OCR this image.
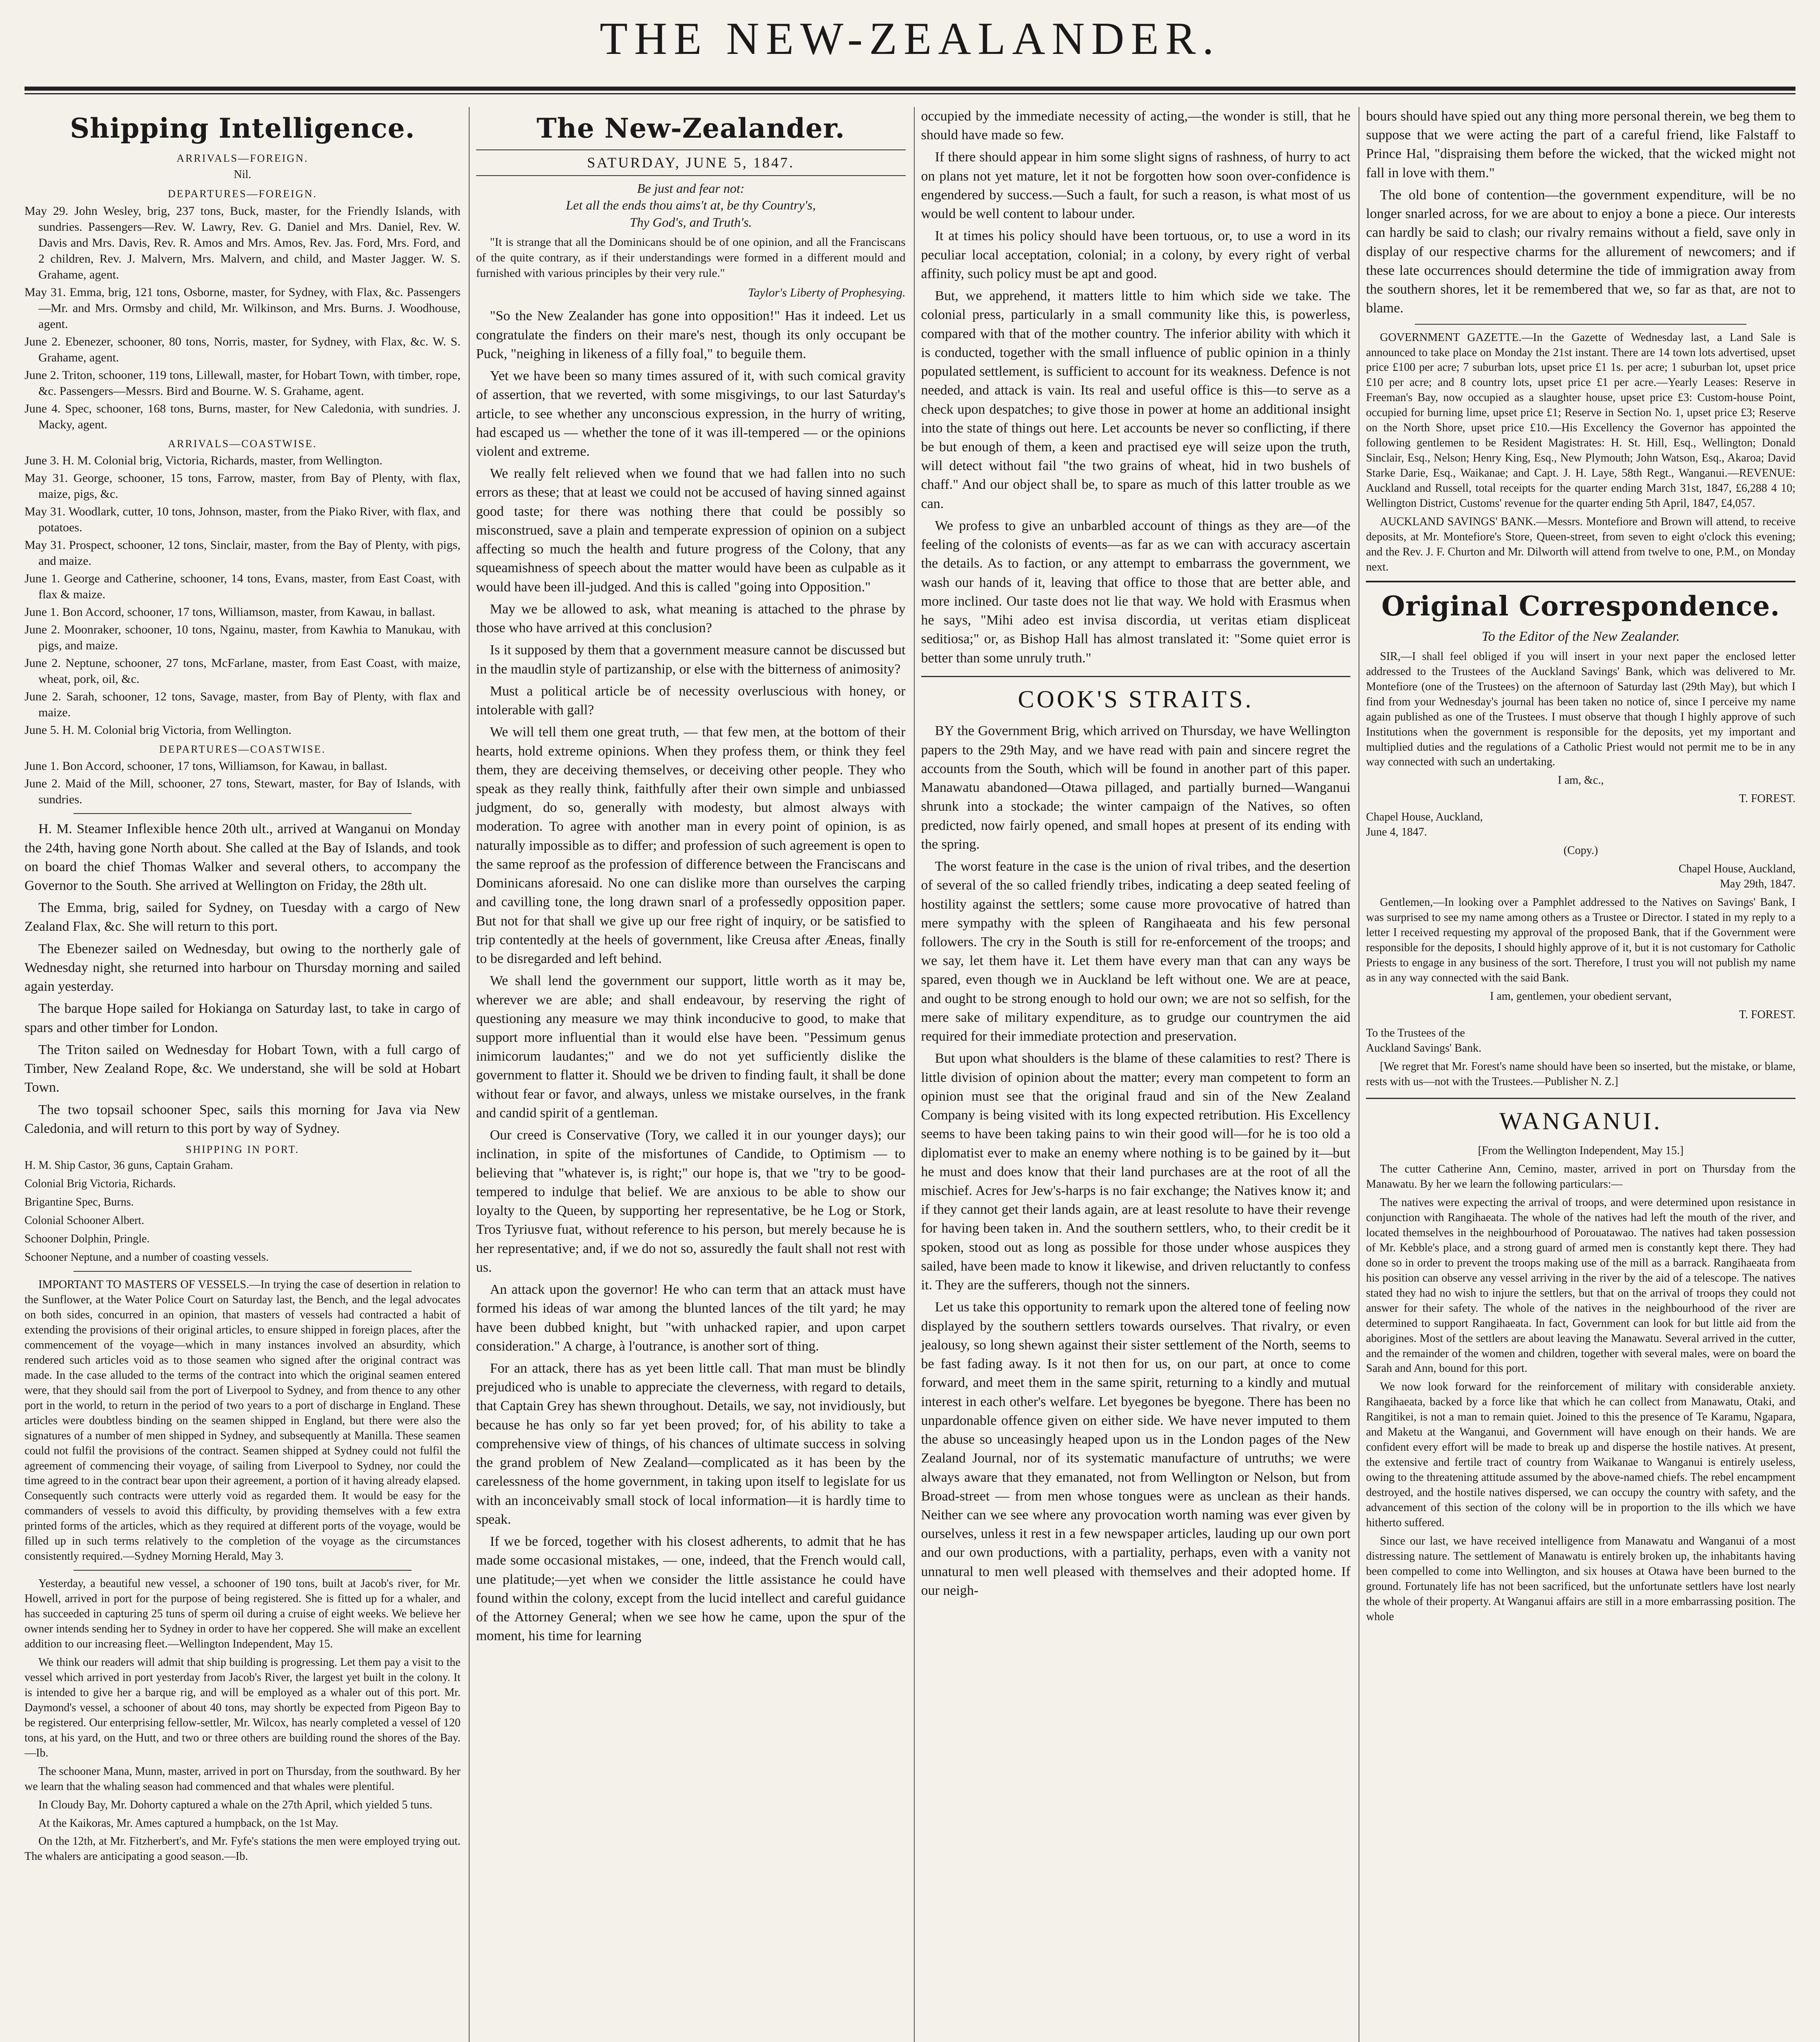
THE NEW-ZEALANDER.
Shipping Intelligence.
ARRIVALS—FOREIGN.
Nil.
DEPARTURES—FOREIGN.

May 29. John Wesley, brig, 237 tons, Buck, master, for the Friendly Islands, with sundries. Passengers—Rev. W. Lawry, Rev. G. Daniel and Mrs. Daniel, Rev. W. Davis and Mrs. Davis, Rev. R. Amos and Mrs. Amos, Rev. Jas. Ford, Mrs. Ford, and 2 children, Rev. J. Malvern, Mrs. Malvern, and child, and Master Jagger. W. S. Grahame, agent.

May 31. Emma, brig, 121 tons, Osborne, master, for Sydney, with Flax, &c. Passengers—Mr. and Mrs. Ormsby and child, Mr. Wilkinson, and Mrs. Burns. J. Woodhouse, agent.

June 2. Ebenezer, schooner, 80 tons, Norris, master, for Sydney, with Flax, &c. W. S. Grahame, agent.

June 2. Triton, schooner, 119 tons, Lillewall, master, for Hobart Town, with timber, rope, &c. Passengers—Messrs. Bird and Bourne. W. S. Grahame, agent.

June 4. Spec, schooner, 168 tons, Burns, master, for New Caledonia, with sundries. J. Macky, agent.

ARRIVALS—COASTWISE.

June 3. H. M. Colonial brig, Victoria, Richards, master, from Wellington.

May 31. George, schooner, 15 tons, Farrow, master, from Bay of Plenty, with flax, maize, pigs, &c.

May 31. Woodlark, cutter, 10 tons, Johnson, master, from the Piako River, with flax, and potatoes.

May 31. Prospect, schooner, 12 tons, Sinclair, master, from the Bay of Plenty, with pigs, and maize.

June 1. George and Catherine, schooner, 14 tons, Evans, master, from East Coast, with flax & maize.

June 1. Bon Accord, schooner, 17 tons, Williamson, master, from Kawau, in ballast.

June 2. Moonraker, schooner, 10 tons, Ngainu, master, from Kawhia to Manukau, with pigs, and maize.

June 2. Neptune, schooner, 27 tons, McFarlane, master, from East Coast, with maize, wheat, pork, oil, &c.

June 2. Sarah, schooner, 12 tons, Savage, master, from Bay of Plenty, with flax and maize.

June 5. H. M. Colonial brig Victoria, from Wellington.

DEPARTURES—COASTWISE.

June 1. Bon Accord, schooner, 17 tons, Williamson, for Kawau, in ballast.

June 2. Maid of the Mill, schooner, 27 tons, Stewart, master, for Bay of Islands, with sundries.

H. M. Steamer Inflexible hence 20th ult., arrived at Wanganui on Monday the 24th, having gone North about. She called at the Bay of Islands, and took on board the chief Thomas Walker and several others, to accompany the Governor to the South. She arrived at Wellington on Friday, the 28th ult.

The Emma, brig, sailed for Sydney, on Tuesday with a cargo of New Zealand Flax, &c. She will return to this port.

The Ebenezer sailed on Wednesday, but owing to the northerly gale of Wednesday night, she returned into harbour on Thursday morning and sailed again yesterday.

The barque Hope sailed for Hokianga on Saturday last, to take in cargo of spars and other timber for London.

The Triton sailed on Wednesday for Hobart Town, with a full cargo of Timber, New Zealand Rope, &c. We understand, she will be sold at Hobart Town.

The two topsail schooner Spec, sails this morning for Java via New Caledonia, and will return to this port by way of Sydney.

SHIPPING IN PORT.

H. M. Ship Castor, 36 guns, Captain Graham.

Colonial Brig Victoria, Richards.

Brigantine Spec, Burns.

Colonial Schooner Albert.

Schooner Dolphin, Pringle.

Schooner Neptune, and a number of coasting vessels.

IMPORTANT TO MASTERS OF VESSELS.—In trying the case of desertion in relation to the Sunflower, at the Water Police Court on Saturday last, the Bench, and the legal advocates on both sides, concurred in an opinion, that masters of vessels had contracted a habit of extending the provisions of their original articles, to ensure shipped in foreign places, after the commencement of the voyage—which in many instances involved an absurdity, which rendered such articles void as to those seamen who signed after the original contract was made. In the case alluded to the terms of the contract into which the original seamen entered were, that they should sail from the port of Liverpool to Sydney, and from thence to any other port in the world, to return in the period of two years to a port of discharge in England. These articles were doubtless binding on the seamen shipped in England, but there were also the signatures of a number of men shipped in Sydney, and subsequently at Manilla. These seamen could not fulfil the provisions of the contract. Seamen shipped at Sydney could not fulfil the agreement of commencing their voyage, of sailing from Liverpool to Sydney, nor could the time agreed to in the contract bear upon their agreement, a portion of it having already elapsed. Consequently such contracts were utterly void as regarded them. It would be easy for the commanders of vessels to avoid this difficulty, by providing themselves with a few extra printed forms of the articles, which as they required at different ports of the voyage, would be filled up in such terms relatively to the completion of the voyage as the circumstances consistently required.—Sydney Morning Herald, May 3.

Yesterday, a beautiful new vessel, a schooner of 190 tons, built at Jacob's river, for Mr. Howell, arrived in port for the purpose of being registered. She is fitted up for a whaler, and has succeeded in capturing 25 tuns of sperm oil during a cruise of eight weeks. We believe her owner intends sending her to Sydney in order to have her coppered. She will make an excellent addition to our increasing fleet.—Wellington Independent, May 15.

We think our readers will admit that ship building is progressing. Let them pay a visit to the vessel which arrived in port yesterday from Jacob's River, the largest yet built in the colony. It is intended to give her a barque rig, and will be employed as a whaler out of this port. Mr. Daymond's vessel, a schooner of about 40 tons, may shortly be expected from Pigeon Bay to be registered. Our enterprising fellow-settler, Mr. Wilcox, has nearly completed a vessel of 120 tons, at his yard, on the Hutt, and two or three others are building round the shores of the Bay.—Ib.

The schooner Mana, Munn, master, arrived in port on Thursday, from the southward. By her we learn that the whaling season had commenced and that whales were plentiful.

In Cloudy Bay, Mr. Dohorty captured a whale on the 27th April, which yielded 5 tuns.

At the Kaikoras, Mr. Ames captured a humpback, on the 1st May.

On the 12th, at Mr. Fitzherbert's, and Mr. Fyfe's stations the men were employed trying out. The whalers are anticipating a good season.—Ib.

The New-Zealander.
SATURDAY, JUNE 5, 1847.
Be just and fear not:
Let all the ends thou aims't at, be thy Country's,
Thy God's, and Truth's.

"It is strange that all the Dominicans should be of one opinion, and all the Franciscans of the quite contrary, as if their understandings were formed in a different mould and furnished with various principles by their very rule."

Taylor's Liberty of Prophesying.

"So the New Zealander has gone into opposition!" Has it indeed. Let us congratulate the finders on their mare's nest, though its only occupant be Puck, "neighing in likeness of a filly foal," to beguile them.

Yet we have been so many times assured of it, with such comical gravity of assertion, that we reverted, with some misgivings, to our last Saturday's article, to see whether any unconscious expression, in the hurry of writing, had escaped us — whether the tone of it was ill-tempered — or the opinions violent and extreme.

We really felt relieved when we found that we had fallen into no such errors as these; that at least we could not be accused of having sinned against good taste; for there was nothing there that could be possibly so misconstrued, save a plain and temperate expression of opinion on a subject affecting so much the health and future progress of the Colony, that any squeamishness of speech about the matter would have been as culpable as it would have been ill-judged. And this is called "going into Opposition."

May we be allowed to ask, what meaning is attached to the phrase by those who have arrived at this conclusion?

Is it supposed by them that a government measure cannot be discussed but in the maudlin style of partizanship, or else with the bitterness of animosity?

Must a political article be of necessity overluscious with honey, or intolerable with gall?

We will tell them one great truth, — that few men, at the bottom of their hearts, hold extreme opinions. When they profess them, or think they feel them, they are deceiving themselves, or deceiving other people. They who speak as they really think, faithfully after their own simple and unbiassed judgment, do so, generally with modesty, but almost always with moderation. To agree with another man in every point of opinion, is as naturally impossible as to differ; and profession of such agreement is open to the same reproof as the profession of difference between the Franciscans and Dominicans aforesaid. No one can dislike more than ourselves the carping and cavilling tone, the long drawn snarl of a professedly opposition paper. But not for that shall we give up our free right of inquiry, or be satisfied to trip contentedly at the heels of government, like Creusa after Æneas, finally to be disregarded and left behind.

We shall lend the government our support, little worth as it may be, wherever we are able; and shall endeavour, by reserving the right of questioning any measure we may think inconducive to good, to make that support more influential than it would else have been. "Pessimum genus inimicorum laudantes;" and we do not yet sufficiently dislike the government to flatter it. Should we be driven to finding fault, it shall be done without fear or favor, and always, unless we mistake ourselves, in the frank and candid spirit of a gentleman.

Our creed is Conservative (Tory, we called it in our younger days); our inclination, in spite of the misfortunes of Candide, to Optimism — to believing that "whatever is, is right;" our hope is, that we "try to be good-tempered to indulge that belief. We are anxious to be able to show our loyalty to the Queen, by supporting her representative, be he Log or Stork, Tros Tyriusve fuat, without reference to his person, but merely because he is her representative; and, if we do not so, assuredly the fault shall not rest with us.

An attack upon the governor! He who can term that an attack must have formed his ideas of war among the blunted lances of the tilt yard; he may have been dubbed knight, but "with unhacked rapier, and upon carpet consideration." A charge, à l'outrance, is another sort of thing.

For an attack, there has as yet been little call. That man must be blindly prejudiced who is unable to appreciate the cleverness, with regard to details, that Captain Grey has shewn throughout. Details, we say, not invidiously, but because he has only so far yet been proved; for, of his ability to take a comprehensive view of things, of his chances of ultimate success in solving the grand problem of New Zealand—complicated as it has been by the carelessness of the home government, in taking upon itself to legislate for us with an inconceivably small stock of local information—it is hardly time to speak.

If we be forced, together with his closest adherents, to admit that he has made some occasional mistakes, — one, indeed, that the French would call, une platitude;—yet when we consider the little assistance he could have found within the colony, except from the lucid intellect and careful guidance of the Attorney General; when we see how he came, upon the spur of the moment, his time for learning

occupied by the immediate necessity of acting,—the wonder is still, that he should have made so few.

If there should appear in him some slight signs of rashness, of hurry to act on plans not yet mature, let it not be forgotten how soon over-confidence is engendered by success.—Such a fault, for such a reason, is what most of us would be well content to labour under.

It at times his policy should have been tortuous, or, to use a word in its peculiar local acceptation, colonial; in a colony, by every right of verbal affinity, such policy must be apt and good.

But, we apprehend, it matters little to him which side we take. The colonial press, particularly in a small community like this, is powerless, compared with that of the mother country. The inferior ability with which it is conducted, together with the small influence of public opinion in a thinly populated settlement, is sufficient to account for its weakness. Defence is not needed, and attack is vain. Its real and useful office is this—to serve as a check upon despatches; to give those in power at home an additional insight into the state of things out here. Let accounts be never so conflicting, if there be but enough of them, a keen and practised eye will seize upon the truth, will detect without fail "the two grains of wheat, hid in two bushels of chaff." And our object shall be, to spare as much of this latter trouble as we can.

We profess to give an unbarbled account of things as they are—of the feeling of the colonists of events—as far as we can with accuracy ascertain the details. As to faction, or any attempt to embarrass the government, we wash our hands of it, leaving that office to those that are better able, and more inclined. Our taste does not lie that way. We hold with Erasmus when he says, "Mihi adeo est invisa discordia, ut veritas etiam displiceat seditiosa;" or, as Bishop Hall has almost translated it: "Some quiet error is better than some unruly truth."

COOK'S STRAITS.

BY the Government Brig, which arrived on Thursday, we have Wellington papers to the 29th May, and we have read with pain and sincere regret the accounts from the South, which will be found in another part of this paper. Manawatu abandoned—Otawa pillaged, and partially burned—Wanganui shrunk into a stockade; the winter campaign of the Natives, so often predicted, now fairly opened, and small hopes at present of its ending with the spring.

The worst feature in the case is the union of rival tribes, and the desertion of several of the so called friendly tribes, indicating a deep seated feeling of hostility against the settlers; some cause more provocative of hatred than mere sympathy with the spleen of Rangihaeata and his few personal followers. The cry in the South is still for re-enforcement of the troops; and we say, let them have it. Let them have every man that can any ways be spared, even though we in Auckland be left without one. We are at peace, and ought to be strong enough to hold our own; we are not so selfish, for the mere sake of military expenditure, as to grudge our countrymen the aid required for their immediate protection and preservation.

But upon what shoulders is the blame of these calamities to rest? There is little division of opinion about the matter; every man competent to form an opinion must see that the original fraud and sin of the New Zealand Company is being visited with its long expected retribution. His Excellency seems to have been taking pains to win their good will—for he is too old a diplomatist ever to make an enemy where nothing is to be gained by it—but he must and does know that their land purchases are at the root of all the mischief. Acres for Jew's-harps is no fair exchange; the Natives know it; and if they cannot get their lands again, are at least resolute to have their revenge for having been taken in. And the southern settlers, who, to their credit be it spoken, stood out as long as possible for those under whose auspices they sailed, have been made to know it likewise, and driven reluctantly to confess it. They are the sufferers, though not the sinners.

Let us take this opportunity to remark upon the altered tone of feeling now displayed by the southern settlers towards ourselves. That rivalry, or even jealousy, so long shewn against their sister settlement of the North, seems to be fast fading away. Is it not then for us, on our part, at once to come forward, and meet them in the same spirit, returning to a kindly and mutual interest in each other's welfare. Let byegones be byegone. There has been no unpardonable offence given on either side. We have never imputed to them the abuse so unceasingly heaped upon us in the London pages of the New Zealand Journal, nor of its systematic manufacture of untruths; we were always aware that they emanated, not from Wellington or Nelson, but from Broad-street — from men whose tongues were as unclean as their hands. Neither can we see where any provocation worth naming was ever given by ourselves, unless it rest in a few newspaper articles, lauding up our own port and our own productions, with a partiality, perhaps, even with a vanity not unnatural to men well pleased with themselves and their adopted home. If our neigh-

bours should have spied out any thing more personal therein, we beg them to suppose that we were acting the part of a careful friend, like Falstaff to Prince Hal, "dispraising them before the wicked, that the wicked might not fall in love with them."

The old bone of contention—the government expenditure, will be no longer snarled across, for we are about to enjoy a bone a piece. Our interests can hardly be said to clash; our rivalry remains without a field, save only in display of our respective charms for the allurement of newcomers; and if these late occurrences should determine the tide of immigration away from the southern shores, let it be remembered that we, so far as that, are not to blame.

GOVERNMENT GAZETTE.—In the Gazette of Wednesday last, a Land Sale is announced to take place on Monday the 21st instant. There are 14 town lots advertised, upset price £100 per acre; 7 suburban lots, upset price £1 1s. per acre; 1 suburban lot, upset price £10 per acre; and 8 country lots, upset price £1 per acre.—Yearly Leases: Reserve in Freeman's Bay, now occupied as a slaughter house, upset price £3: Custom-house Point, occupied for burning lime, upset price £1; Reserve in Section No. 1, upset price £3; Reserve on the North Shore, upset price £10.—His Excellency the Governor has appointed the following gentlemen to be Resident Magistrates: H. St. Hill, Esq., Wellington; Donald Sinclair, Esq., Nelson; Henry King, Esq., New Plymouth; John Watson, Esq., Akaroa; David Starke Darie, Esq., Waikanae; and Capt. J. H. Laye, 58th Regt., Wanganui.—REVENUE: Auckland and Russell, total receipts for the quarter ending March 31st, 1847, £6,288 4 10; Wellington District, Customs' revenue for the quarter ending 5th April, 1847, £4,057.

AUCKLAND SAVINGS' BANK.—Messrs. Montefiore and Brown will attend, to receive deposits, at Mr. Montefiore's Store, Queen-street, from seven to eight o'clock this evening; and the Rev. J. F. Churton and Mr. Dilworth will attend from twelve to one, P.M., on Monday next.

Original Correspondence.

To the Editor of the New Zealander.

SIR,—I shall feel obliged if you will insert in your next paper the enclosed letter addressed to the Trustees of the Auckland Savings' Bank, which was delivered to Mr. Montefiore (one of the Trustees) on the afternoon of Saturday last (29th May), but which I find from your Wednesday's journal has been taken no notice of, since I perceive my name again published as one of the Trustees. I must observe that though I highly approve of such Institutions when the government is responsible for the deposits, yet my important and multiplied duties and the regulations of a Catholic Priest would not permit me to be in any way connected with such an undertaking.

I am, &c.,

T. FOREST.

Chapel House, Auckland,
June 4, 1847.

(Copy.)

Chapel House, Auckland,
May 29th, 1847.

Gentlemen,—In looking over a Pamphlet addressed to the Natives on Savings' Bank, I was surprised to see my name among others as a Trustee or Director. I stated in my reply to a letter I received requesting my approval of the proposed Bank, that if the Government were responsible for the deposits, I should highly approve of it, but it is not customary for Catholic Priests to engage in any business of the sort. Therefore, I trust you will not publish my name as in any way connected with the said Bank.

I am, gentlemen, your obedient servant,

T. FOREST.

To the Trustees of the
Auckland Savings' Bank.

[We regret that Mr. Forest's name should have been so inserted, but the mistake, or blame, rests with us—not with the Trustees.—Publisher N. Z.]

WANGANUI.

[From the Wellington Independent, May 15.]

The cutter Catherine Ann, Cemino, master, arrived in port on Thursday from the Manawatu. By her we learn the following particulars:—

The natives were expecting the arrival of troops, and were determined upon resistance in conjunction with Rangihaeata. The whole of the natives had left the mouth of the river, and located themselves in the neighbourhood of Porouatawao. The natives had taken possession of Mr. Kebble's place, and a strong guard of armed men is constantly kept there. They had done so in order to prevent the troops making use of the mill as a barrack. Rangihaeata from his position can observe any vessel arriving in the river by the aid of a telescope. The natives stated they had no wish to injure the settlers, but that on the arrival of troops they could not answer for their safety. The whole of the natives in the neighbourhood of the river are determined to support Rangihaeata. In fact, Government can look for but little aid from the aborigines. Most of the settlers are about leaving the Manawatu. Several arrived in the cutter, and the remainder of the women and children, together with several males, were on board the Sarah and Ann, bound for this port.

We now look forward for the reinforcement of military with considerable anxiety. Rangihaeata, backed by a force like that which he can collect from Manawatu, Otaki, and Rangitikei, is not a man to remain quiet. Joined to this the presence of Te Karamu, Ngapara, and Maketu at the Wanganui, and Government will have enough on their hands. We are confident every effort will be made to break up and disperse the hostile natives. At present, the extensive and fertile tract of country from Waikanae to Wanganui is entirely useless, owing to the threatening attitude assumed by the above-named chiefs. The rebel encampment destroyed, and the hostile natives dispersed, we can occupy the country with safety, and the advancement of this section of the colony will be in proportion to the ills which we have hitherto suffered.

Since our last, we have received intelligence from Manawatu and Wanganui of a most distressing nature. The settlement of Manawatu is entirely broken up, the inhabitants having been compelled to come into Wellington, and six houses at Otawa have been burned to the ground. Fortunately life has not been sacrificed, but the unfortunate settlers have lost nearly the whole of their property. At Wanganui affairs are still in a more embarrassing position. The whole
